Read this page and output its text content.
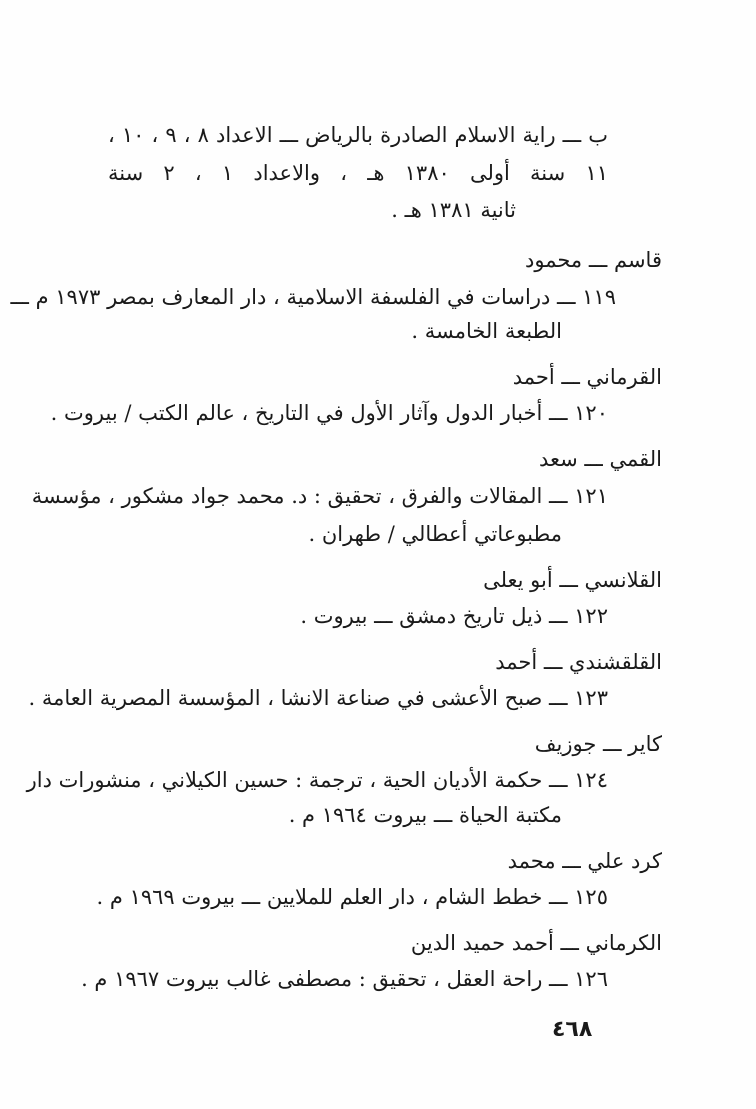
ب ـــ راية الاسلام الصادرة بالرياض ـــ الاعداد ٨ ، ٩ ، ١٠ ،
١١ سنة أولى ١٣٨٠ هـ ، والاعداد ١ ، ٢ سنة
ثانية ١٣٨١ هـ .
قاسم ـــ محمود
١١٩ ـــ دراسات في الفلسفة الاسلامية ، دار المعارف بمصر ١٩٧٣ م ـــ
الطبعة الخامسة .
القرماني ـــ أحمد
١٢٠ ـــ أخبار الدول وآثار الأول في التاريخ ، عالم الكتب / بيروت .
القمي ـــ سعد
١٢١ ـــ المقالات والفرق ، تحقيق : د. محمد جواد مشكور ، مؤسسة
مطبوعاتي أعطالي / طهران .
القلانسي ـــ أبو يعلى
١٢٢ ـــ ذيل تاريخ دمشق ـــ بيروت .
القلقشندي ـــ أحمد
١٢٣ ـــ صبح الأعشى في صناعة الانشا ، المؤسسة المصرية العامة .
كاير ـــ جوزيف
١٢٤ ـــ حكمة الأديان الحية ، ترجمة : حسين الكيلاني ، منشورات دار
مكتبة الحياة ـــ بيروت ١٩٦٤ م .
كرد علي ـــ محمد
١٢٥ ـــ خطط الشام ، دار العلم للملايين ـــ بيروت ١٩٦٩ م .
الكرماني ـــ أحمد حميد الدين
١٢٦ ـــ راحة العقل ، تحقيق : مصطفى غالب بيروت ١٩٦٧ م .
٤٦٨
